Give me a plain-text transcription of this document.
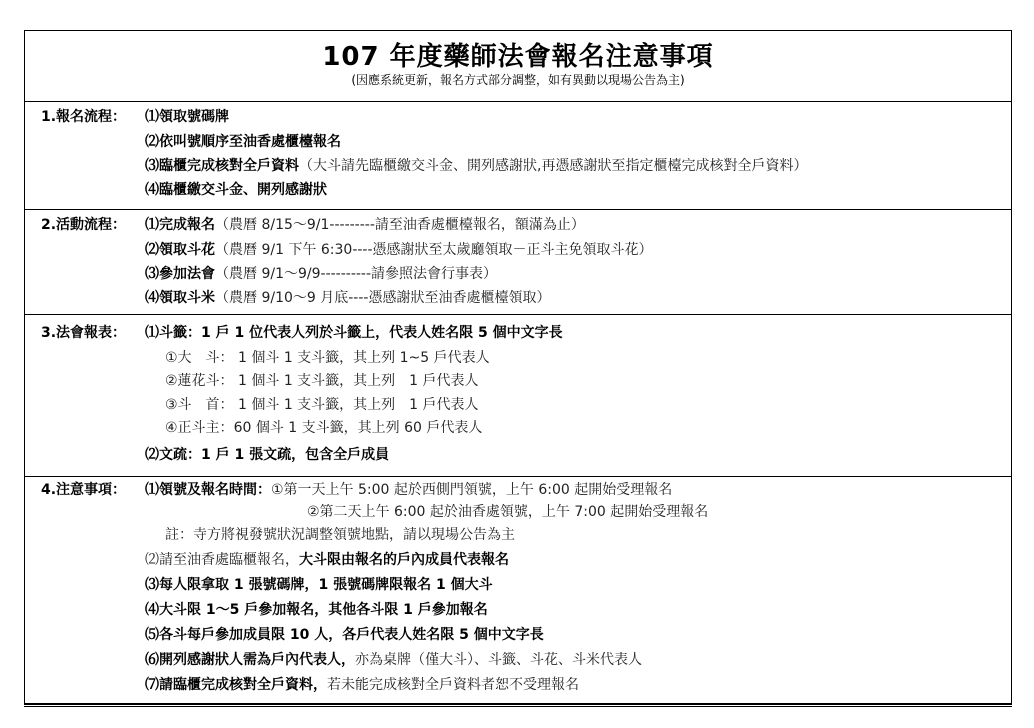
107 年度藥師法會報名注意事項
(因應系統更新，報名方式部分調整，如有異動以現場公告為主)
1.報名流程： ⑴領取號碼牌
⑵依叫號順序至油香處櫃檯報名
⑶臨櫃完成核對全戶資料（大斗請先臨櫃繳交斗金、開列感謝狀,再憑感謝狀至指定櫃檯完成核對全戶資料）
⑷臨櫃繳交斗金、開列感謝狀
2.活動流程： ⑴完成報名（農曆 8/15～9/1---------請至油香處櫃檯報名，額滿為止）
⑵領取斗花（農曆 9/1 下午 6:30----憑感謝狀至太歲廳領取－正斗主免領取斗花）
⑶參加法會（農曆 9/1～9/9----------請參照法會行事表）
⑷領取斗米（農曆 9/10～9 月底----憑感謝狀至油香處櫃檯領取）
3.法會報表： ⑴斗籤：1 戶 1 位代表人列於斗籤上，代表人姓名限 5 個中文字長
①大　斗： 1 個斗 1 支斗籤，其上列 1~5 戶代表人
②蓮花斗： 1 個斗 1 支斗籤，其上列　1 戶代表人
③斗　首： 1 個斗 1 支斗籤，其上列　1 戶代表人
④正斗主：60 個斗 1 支斗籤，其上列 60 戶代表人
⑵文疏：1 戶 1 張文疏，包含全戶成員
4.注意事項： ⑴領號及報名時間：①第一天上午 5:00 起於西側門領號，上午 6:00 起開始受理報名
②第二天上午 6:00 起於油香處領號，上午 7:00 起開始受理報名
註：寺方將視發號狀況調整領號地點，請以現場公告為主
⑵請至油香處臨櫃報名，大斗限由報名的戶內成員代表報名
⑶每人限拿取 1 張號碼牌，1 張號碼牌限報名 1 個大斗
⑷大斗限 1～5 戶參加報名，其他各斗限 1 戶參加報名
⑸各斗每戶參加成員限 10 人，各戶代表人姓名限 5 個中文字長
⑹開列感謝狀人需為戶內代表人，亦為桌牌（僅大斗）、斗籤、斗花、斗米代表人
⑺請臨櫃完成核對全戶資料，若未能完成核對全戶資料者恕不受理報名
